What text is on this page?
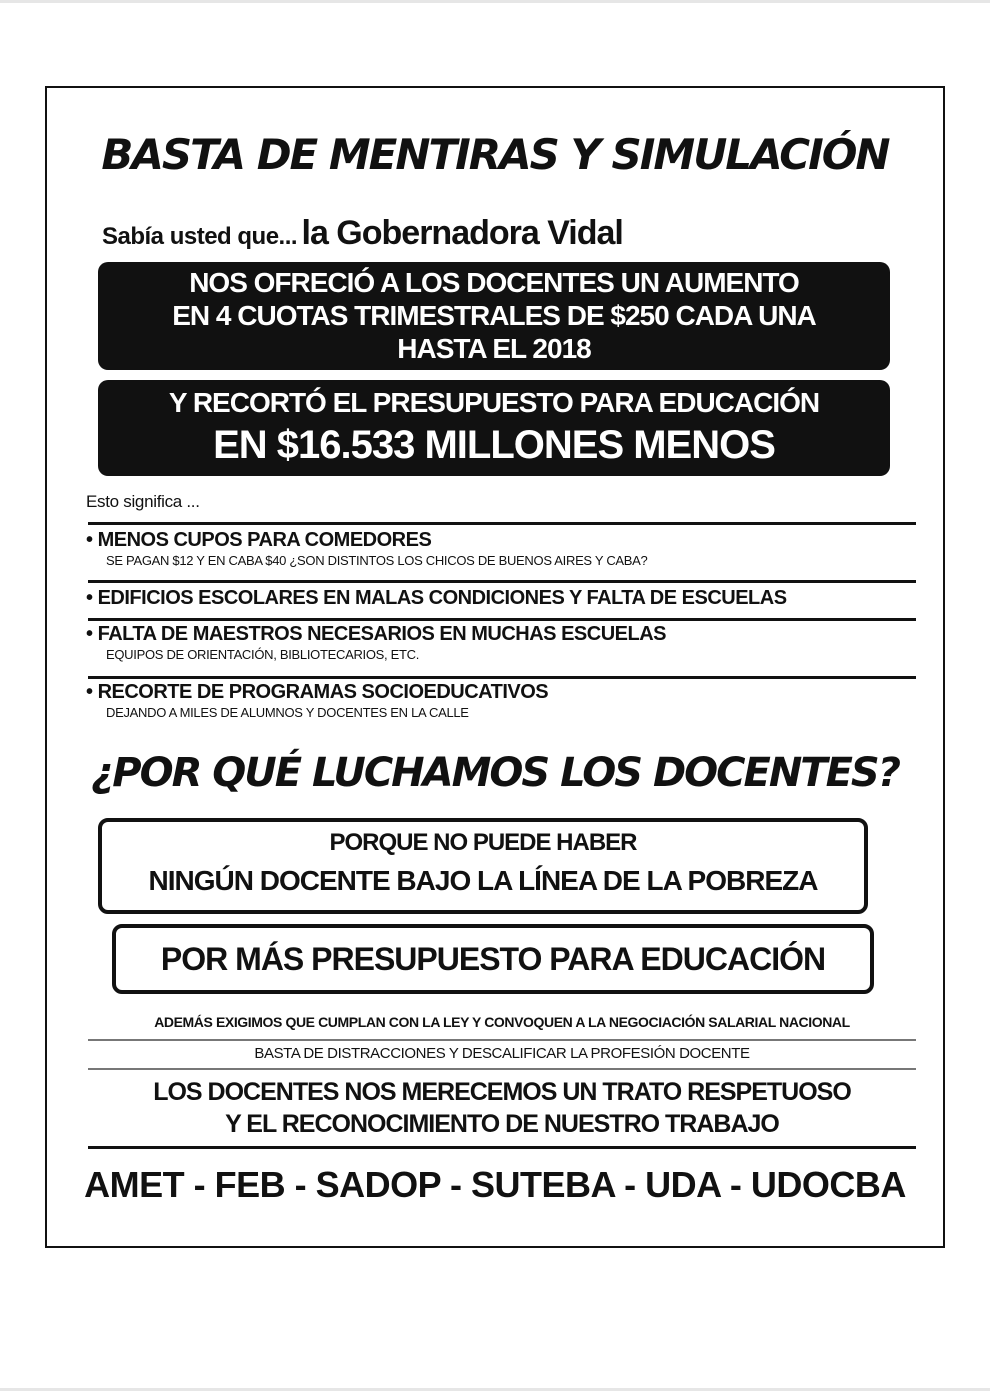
BASTA DE MENTIRAS Y SIMULACIÓN
Sabía usted que... la Gobernadora Vidal
NOS OFRECIÓ A LOS DOCENTES UN AUMENTO
EN 4 CUOTAS TRIMESTRALES DE $250 CADA UNA
HASTA EL 2018
Y RECORTÓ EL PRESUPUESTO PARA EDUCACIÓN
EN $16.533 MILLONES MENOS
Esto significa ...
• MENOS CUPOS PARA COMEDORES
SE PAGAN $12 Y EN CABA $40 ¿SON DISTINTOS LOS CHICOS DE BUENOS AIRES Y CABA?
• EDIFICIOS ESCOLARES EN MALAS CONDICIONES Y FALTA DE ESCUELAS
• FALTA DE MAESTROS NECESARIOS EN MUCHAS ESCUELAS
EQUIPOS DE ORIENTACIÓN, BIBLIOTECARIOS, ETC.
• RECORTE DE PROGRAMAS SOCIOEDUCATIVOS
DEJANDO A MILES DE ALUMNOS Y DOCENTES EN LA CALLE
¿POR QUÉ LUCHAMOS LOS DOCENTES?
PORQUE NO PUEDE HABER
NINGÚN DOCENTE BAJO LA LÍNEA DE LA POBREZA
POR MÁS PRESUPUESTO PARA EDUCACIÓN
ADEMÁS EXIGIMOS QUE CUMPLAN CON LA LEY Y CONVOQUEN A LA NEGOCIACIÓN SALARIAL NACIONAL
BASTA DE DISTRACCIONES Y DESCALIFICAR LA PROFESIÓN DOCENTE
LOS DOCENTES NOS MERECEMOS UN TRATO RESPETUOSO
Y EL RECONOCIMIENTO DE NUESTRO TRABAJO
AMET - FEB - SADOP - SUTEBA - UDA - UDOCBA
